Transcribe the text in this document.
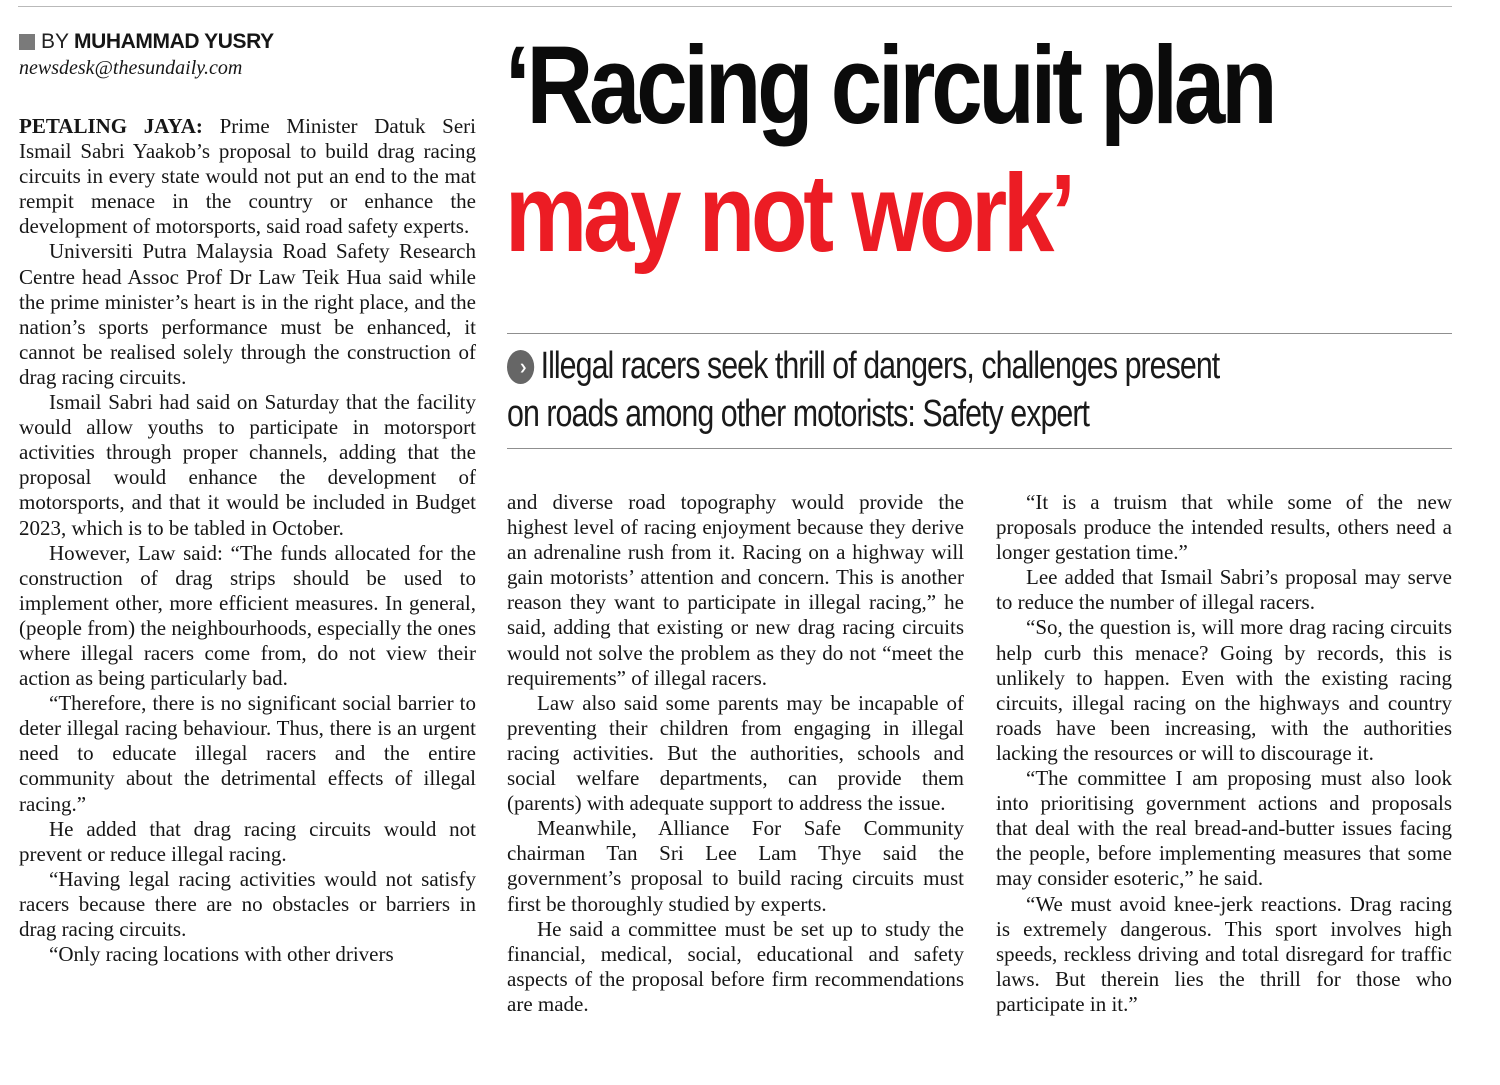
BY MUHAMMAD YUSRY
newsdesk@thesundaily.com	‘Racing circuit plan
may not work’
Illegal racers seek thrill of dangers, challenges present
on roads among other motorists: Safety expert

PETALING JAYA: Prime Minister Datuk Seri Ismail Sabri Yaakob’s proposal to build drag racing circuits in every state would not put an end to the mat rempit menace in the country or enhance the development of motorsports, said road safety experts.

Universiti Putra Malaysia Road Safety Research Centre head Assoc Prof Dr Law Teik Hua said while the prime minister’s heart is in the right place, and the nation’s sports performance must be enhanced, it cannot be realised solely through the construction of drag racing circuits.

Ismail Sabri had said on Saturday that the facility would allow youths to participate in motorsport activities through proper channels, adding that the proposal would enhance the development of motorsports, and that it would be included in Budget 2023, which is to be tabled in October.

However, Law said: “The funds allocated for the construction of drag strips should be used to implement other, more efficient measures. In general, (people from) the neighbourhoods, especially the ones where illegal racers come from, do not view their action as being particularly bad.

“Therefore, there is no significant social barrier to deter illegal racing behaviour. Thus, there is an urgent need to educate illegal racers and the entire community about the detrimental effects of illegal racing.”

He added that drag racing circuits would not prevent or reduce illegal racing.

“Having legal racing activities would not satisfy racers because there are no obstacles or barriers in drag racing circuits.

“Only racing locations with other drivers

and diverse road topography would provide the highest level of racing enjoyment because they derive an adrenaline rush from it. Racing on a highway will gain motorists’ attention and concern. This is another reason they want to participate in illegal racing,” he said, adding that existing or new drag racing circuits would not solve the problem as they do not “meet the requirements” of illegal racers.

Law also said some parents may be incapable of preventing their children from engaging in illegal racing activities. But the authorities, schools and social welfare departments, can provide them (parents) with adequate support to address the issue.

Meanwhile, Alliance For Safe Community chairman Tan Sri Lee Lam Thye said the government’s proposal to build racing circuits must first be thoroughly studied by experts.

He said a committee must be set up to study the financial, medical, social, educational and safety aspects of the proposal before firm recommendations are made.

“It is a truism that while some of the new proposals produce the intended results, others need a longer gestation time.”

Lee added that Ismail Sabri’s proposal may serve to reduce the number of illegal racers.

“So, the question is, will more drag racing circuits help curb this menace? Going by records, this is unlikely to happen. Even with the existing racing circuits, illegal racing on the highways and country roads have been increasing, with the authorities lacking the resources or will to discourage it.

“The committee I am proposing must also look into prioritising government actions and proposals that deal with the real bread-and-butter issues facing the people, before implementing measures that some may consider esoteric,” he said.

“We must avoid knee-jerk reactions. Drag racing is extremely dangerous. This sport involves high speeds, reckless driving and total disregard for traffic laws. But therein lies the thrill for those who participate in it.”
